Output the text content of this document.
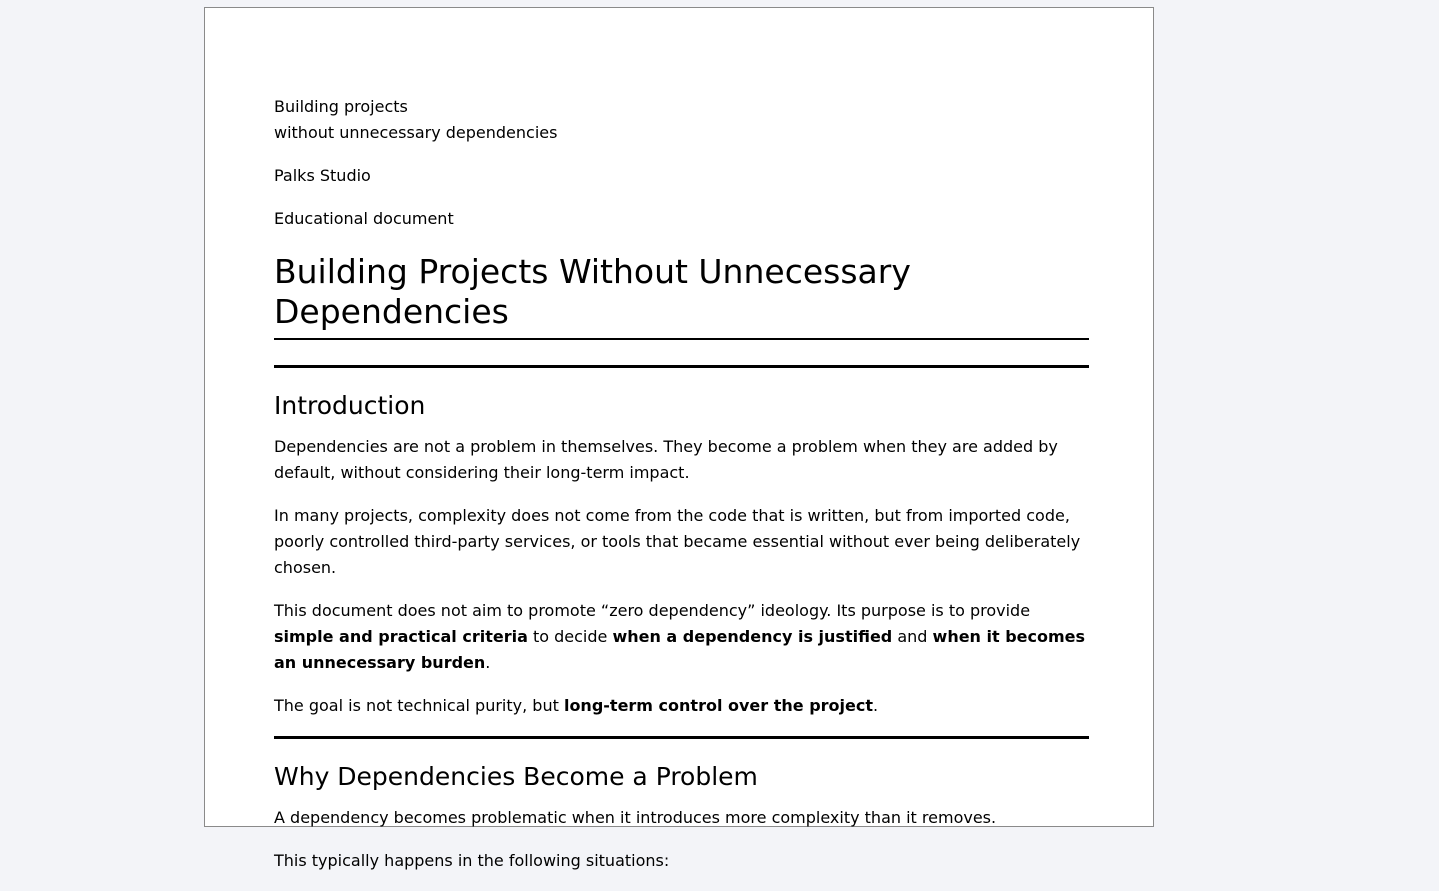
Building projects
without unnecessary dependencies

Palks Studio

Educational document

Building Projects Without Unnecessary Dependencies
Introduction

Dependencies are not a problem in themselves. They become a problem when they are added by default, without considering their long-term impact.

In many projects, complexity does not come from the code that is written, but from imported code, poorly controlled third-party services, or tools that became essential without ever being deliberately chosen.

This document does not aim to promote “zero dependency” ideology. Its purpose is to provide simple and practical criteria to decide when a dependency is justified and when it becomes an unnecessary burden.

The goal is not technical purity, but long-term control over the project.

Why Dependencies Become a Problem

A dependency becomes problematic when it introduces more complexity than it removes.

This typically happens in the following situations:
